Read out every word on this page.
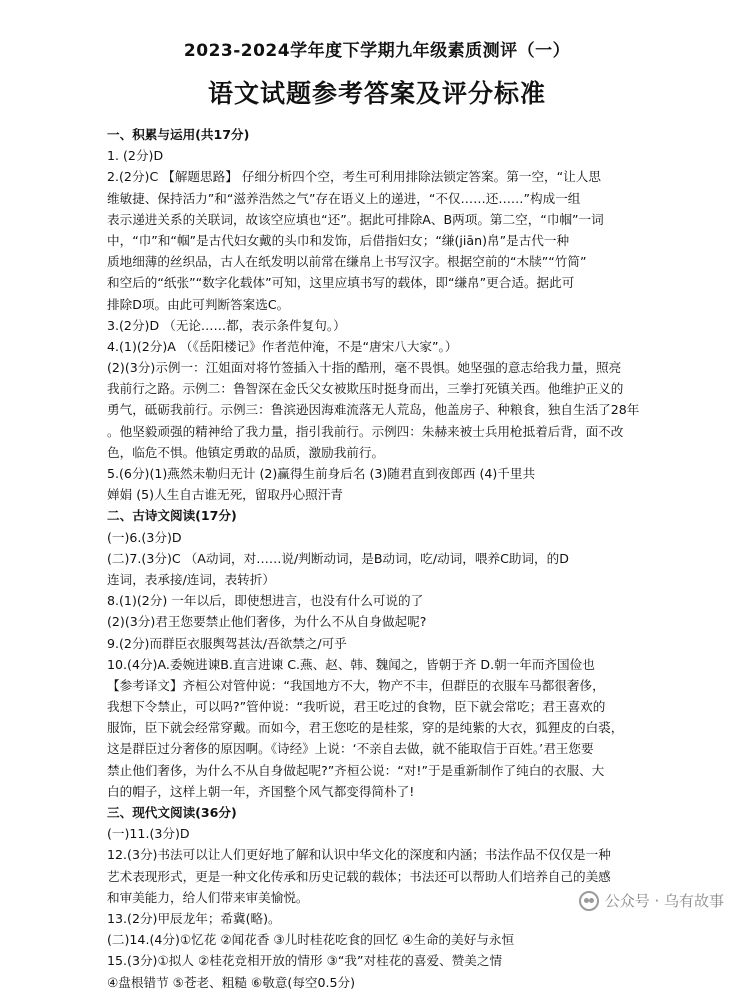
2023-2024学年度下学期九年级素质测评（一）
语文试题参考答案及评分标准
一、积累与运用(共17分)
1. (2分)D
2.(2分)C 【解题思路】 仔细分析四个空，考生可利用排除法锁定答案。第一空，“让人思
维敏捷、保持活力”和“滋养浩然之气”存在语义上的递进，“不仅……还……”构成一组
表示递进关系的关联词，故该空应填也“还”。据此可排除A、B两项。第二空，“巾帼”一词
中，“巾”和“帼”是古代妇女戴的头巾和发饰，后借指妇女；“缣(jiān)帛”是古代一种
质地细薄的丝织品，古人在纸发明以前常在缣帛上书写汉字。根据空前的“木牍”“竹简”
和空后的“纸张”“数字化载体”可知，这里应填书写的载体，即“缣帛”更合适。据此可
排除D项。由此可判断答案选C。
3.(2分)D （无论……都，表示条件复句。）
4.(1)(2分)A （《岳阳楼记》作者范仲淹，不是“唐宋八大家”。）
(2)(3分)示例一：江姐面对将竹签插入十指的酷刑，毫不畏惧。她坚强的意志给我力量，照亮
我前行之路。示例二：鲁智深在金氏父女被欺压时挺身而出，三拳打死镇关西。他维护正义的
勇气，砥砺我前行。示例三：鲁滨逊因海难流落无人荒岛，他盖房子、种粮食，独自生活了28年
。他坚毅顽强的精神给了我力量，指引我前行。示例四：朱赫来被士兵用枪抵着后背，面不改
色，临危不惧。他镇定勇敢的品质，激励我前行。
5.(6分)(1)燕然未勒归无计 (2)赢得生前身后名 (3)随君直到夜郎西 (4)千里共
婵娟 (5)人生自古谁无死，留取丹心照汗青
二、古诗文阅读(17分)
(一)6.(3分)D
(二)7.(3分)C （A动词，对……说/判断动词，是B动词，吃/动词，喂养C助词，的D
连词，表承接/连词，表转折）
8.(1)(2分) 一年以后，即使想进言，也没有什么可说的了
(2)(3分)君王您要禁止他们奢侈，为什么不从自身做起呢?
9.(2分)而群臣衣服舆驾甚汰/吾欲禁之/可乎
10.(4分)A.委婉进谏B.直言进谏 C.燕、赵、韩、魏闻之，皆朝于齐 D.朝一年而齐国俭也
【参考译文】齐桓公对管仲说：“我国地方不大，物产不丰，但群臣的衣服车马都很奢侈，
我想下令禁止，可以吗?”管仲说：“我听说，君王吃过的食物，臣下就会常吃；君王喜欢的
服饰，臣下就会经常穿戴。而如今，君王您吃的是桂浆，穿的是纯紫的大衣，狐狸皮的白裘，
这是群臣过分奢侈的原因啊。《诗经》上说：‘不亲自去做，就不能取信于百姓。’君王您要
禁止他们奢侈，为什么不从自身做起呢?”齐桓公说：“对!”于是重新制作了纯白的衣服、大
白的帽子，这样上朝一年，齐国整个风气都变得简朴了!
三、现代文阅读(36分)
(一)11.(3分)D
12.(3分)书法可以让人们更好地了解和认识中华文化的深度和内涵；书法作品不仅仅是一种
艺术表现形式，更是一种文化传承和历史记载的载体；书法还可以帮助人们培养自己的美感
和审美能力，给人们带来审美愉悦。
13.(2分)甲辰龙年；希冀(略)。
(二)14.(4分)①忆花 ②闻花香 ③儿时桂花吃食的回忆 ④生命的美好与永恒
15.(3分)①拟人 ②桂花竞相开放的情形 ③“我”对桂花的喜爱、赞美之情
④盘根错节 ⑤苍老、粗糙 ⑥敬意(每空0.5分)
公众号 · 乌有故事
